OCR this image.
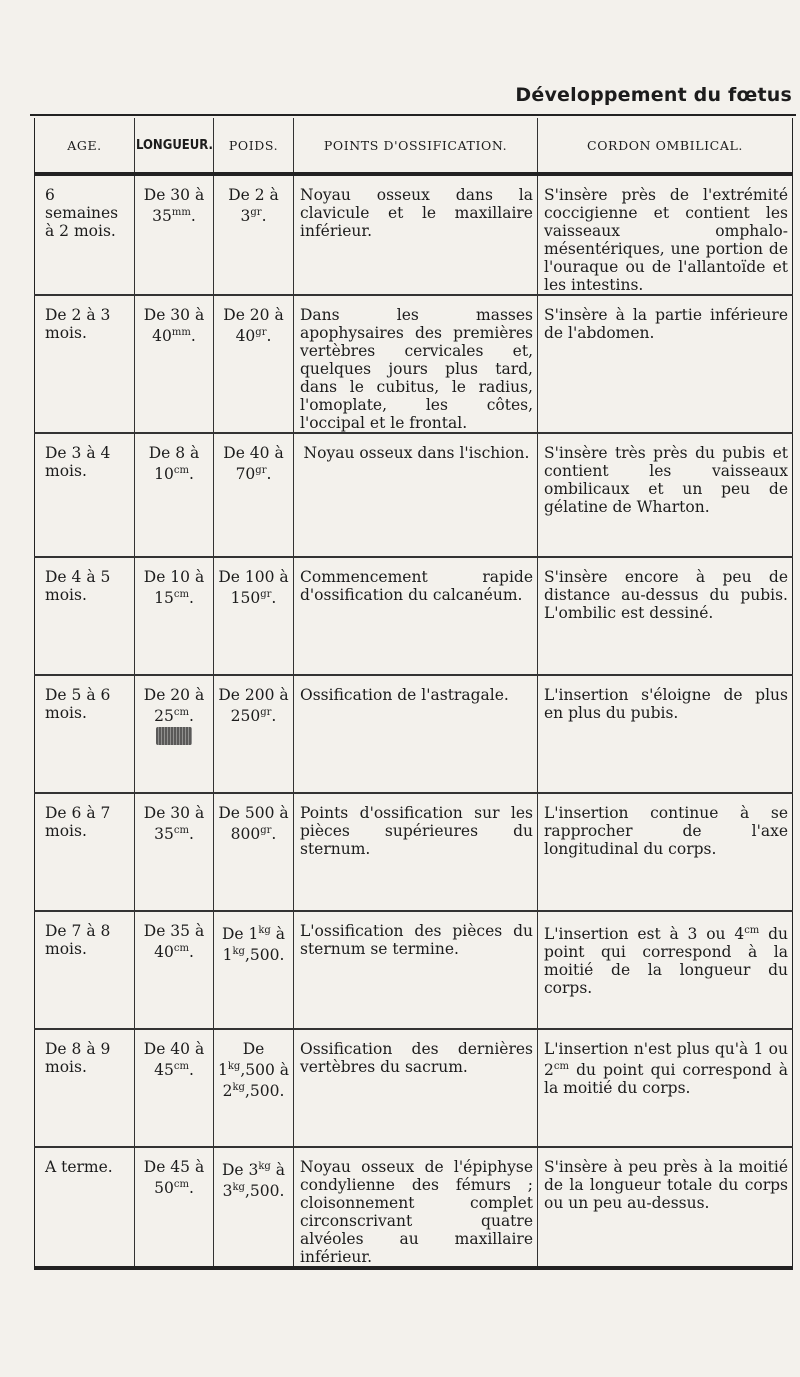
Développement du fœtus
AGE.	LONGUEUR.	POIDS.	POINTS D'OSSIFICATION.	CORDON OMBILICAL.
6 semaines à 2 mois.	De 30 à $35^{mm}$.	De 2 à $3^{gr}$.	Noyau osseux dans la clavicule et le maxillaire inférieur.	S'insère près de l'extrémité coccigienne et contient les vaisseaux omphalo-mésentériques, une portion de l'ouraque ou de l'allantoïde et les intestins.
De 2 à 3 mois.	De 30 à $40^{mm}$.	De 20 à $40^{gr}$.	Dans les masses apophysaires des premières vertèbres cervicales et, quelques jours plus tard, dans le cubitus, le radius, l'omoplate, les côtes, l'occipal et le frontal.	S'insère à la partie inférieure de l'abdomen.
De 3 à 4 mois.	De 8 à $10^{cm}$.	De 40 à $70^{gr}$.	Noyau osseux dans l'ischion.	S'insère très près du pubis et contient les vaisseaux ombilicaux et un peu de gélatine de Wharton.
De 4 à 5 mois.	De 10 à $15^{cm}$.	De 100 à $150^{gr}$.	Commencement rapide d'ossification du calcanéum.	S'insère encore à peu de distance au-dessus du pubis. L'ombilic est dessiné.
De 5 à 6 mois.	De 20 à $25^{cm}$.	De 200 à $250^{gr}$.	Ossification de l'astragale.	L'insertion s'éloigne de plus en plus du pubis.
De 6 à 7 mois.	De 30 à $35^{cm}$.	De 500 à $800^{gr}$.	Points d'ossification sur les pièces supérieures du sternum.	L'insertion continue à se rapprocher de l'axe longitudinal du corps.
De 7 à 8 mois.	De 35 à $40^{cm}$.	De $1^{kg}$ à $1^{kg},500$.	L'ossification des pièces du sternum se termine.	L'insertion est à 3 ou $4^{cm}$ du point qui correspond à la moitié de la longueur du corps.
De 8 à 9 mois.	De 40 à $45^{cm}$.	De $1^{kg},500$ à $2^{kg},500$.	Ossification des dernières vertèbres du sacrum.	L'insertion n'est plus qu'à 1 ou $2^{cm}$ du point qui correspond à la moitié du corps.
A terme.	De 45 à $50^{cm}$.	De $3^{kg}$ à $3^{kg},500$.	Noyau osseux de l'épiphyse condylienne des fémurs ; cloisonnement complet circonscrivant quatre alvéoles au maxillaire inférieur.	S'insère à peu près à la moitié de la longueur totale du corps ou un peu au-dessus.
